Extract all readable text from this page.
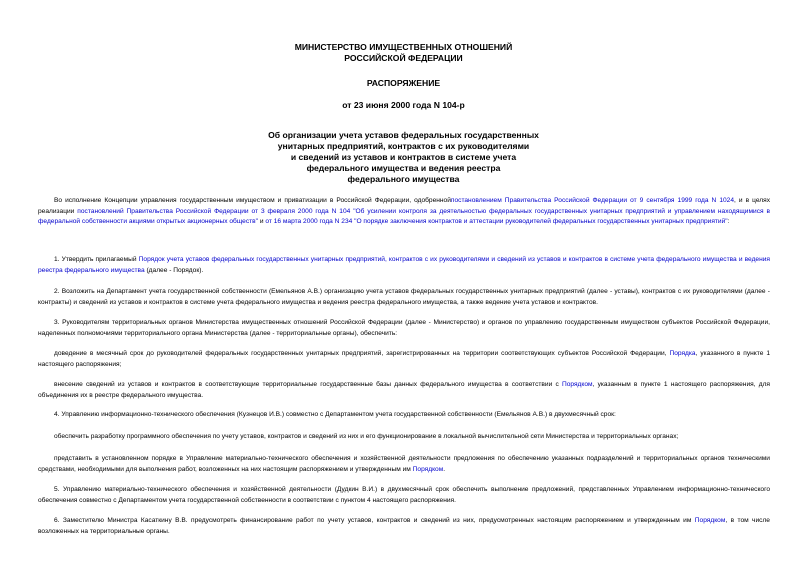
МИНИСТЕРСТВО ИМУЩЕСТВЕННЫХ ОТНОШЕНИЙ
РОССИЙСКОЙ ФЕДЕРАЦИИ
РАСПОРЯЖЕНИЕ
от 23 июня 2000 года N 104-р
Об организации учета уставов федеральных государственных
унитарных предприятий, контрактов с их руководителями
и сведений из уставов и контрактов в системе учета
федерального имущества и ведения реестра
федерального имущества

Во исполнение Концепции управления государственным имуществом и приватизации в Российской Федерации, одобреннойпостановлением Правительства Российской Федерации от 9 сентября 1999 года N 1024, и в целях реализации постановлений Правительства Российской Федерации от 3 февраля 2000 года N 104 "Об усилении контроля за деятельностью федеральных государственных унитарных предприятий и управлением находящимися в федеральной собственности акциями открытых акционерных обществ" и от 16 марта 2000 года N 234 "О порядке заключения контрактов и аттестации руководителей федеральных государственных унитарных предприятий":

1. Утвердить прилагаемый Порядок учета уставов федеральных государственных унитарных предприятий, контрактов с их руководителями и сведений из уставов и контрактов в системе учета федерального имущества и ведения реестра федерального имущества (далее - Порядок).

2. Возложить на Департамент учета государственной собственности (Емельянов А.В.) организацию учета уставов федеральных государственных унитарных предприятий (далее - уставы), контрактов с их руководителями (далее - контракты) и сведений из уставов и контрактов в системе учета федерального имущества и ведения реестра федерального имущества, а также ведение учета уставов и контрактов.

3. Руководителям территориальных органов Министерства имущественных отношений Российской Федерации (далее - Министерство) и органов по управлению государственным имуществом субъектов Российской Федерации, наделенных полномочиями территориального органа Министерства (далее - территориальные органы), обеспечить:

доведение в месячный срок до руководителей федеральных государственных унитарных предприятий, зарегистрированных на территории соответствующих субъектов Российской Федерации, Порядка, указанного в пункте 1 настоящего распоряжения;

внесение сведений из уставов и контрактов в соответствующие территориальные государственные базы данных федерального имущества в соответствии с Порядком, указанным в пункте 1 настоящего распоряжения, для объединения их в реестре федерального имущества.

4. Управлению информационно-технического обеспечения (Кузнецов И.В.) совместно с Департаментом учета государственной собственности (Емельянов А.В.) в двухмесячный срок:

обеспечить разработку программного обеспечения по учету уставов, контрактов и сведений из них и его функционирование в локальной вычислительной сети Министерства и территориальных органах;

представить в установленном порядке в Управление материально-технического обеспечения и хозяйственной деятельности предложения по обеспечению указанных подразделений и территориальных органов техническими средствами, необходимыми для выполнения работ, возложенных на них настоящим распоряжением и утвержденным им Порядком.

5. Управлению материально-технического обеспечения и хозяйственной деятельности (Дудкин В.И.) в двухмесячный срок обеспечить выполнение предложений, представленных Управлением информационно-технического обеспечения совместно с Департаментом учета государственной собственности в соответствии с пунктом 4 настоящего распоряжения.

6. Заместителю Министра Касаткину В.В. предусмотреть финансирование работ по учету уставов, контрактов и сведений из них, предусмотренных настоящим распоряжением и утвержденным им Порядком, в том числе возложенных на территориальные органы.
